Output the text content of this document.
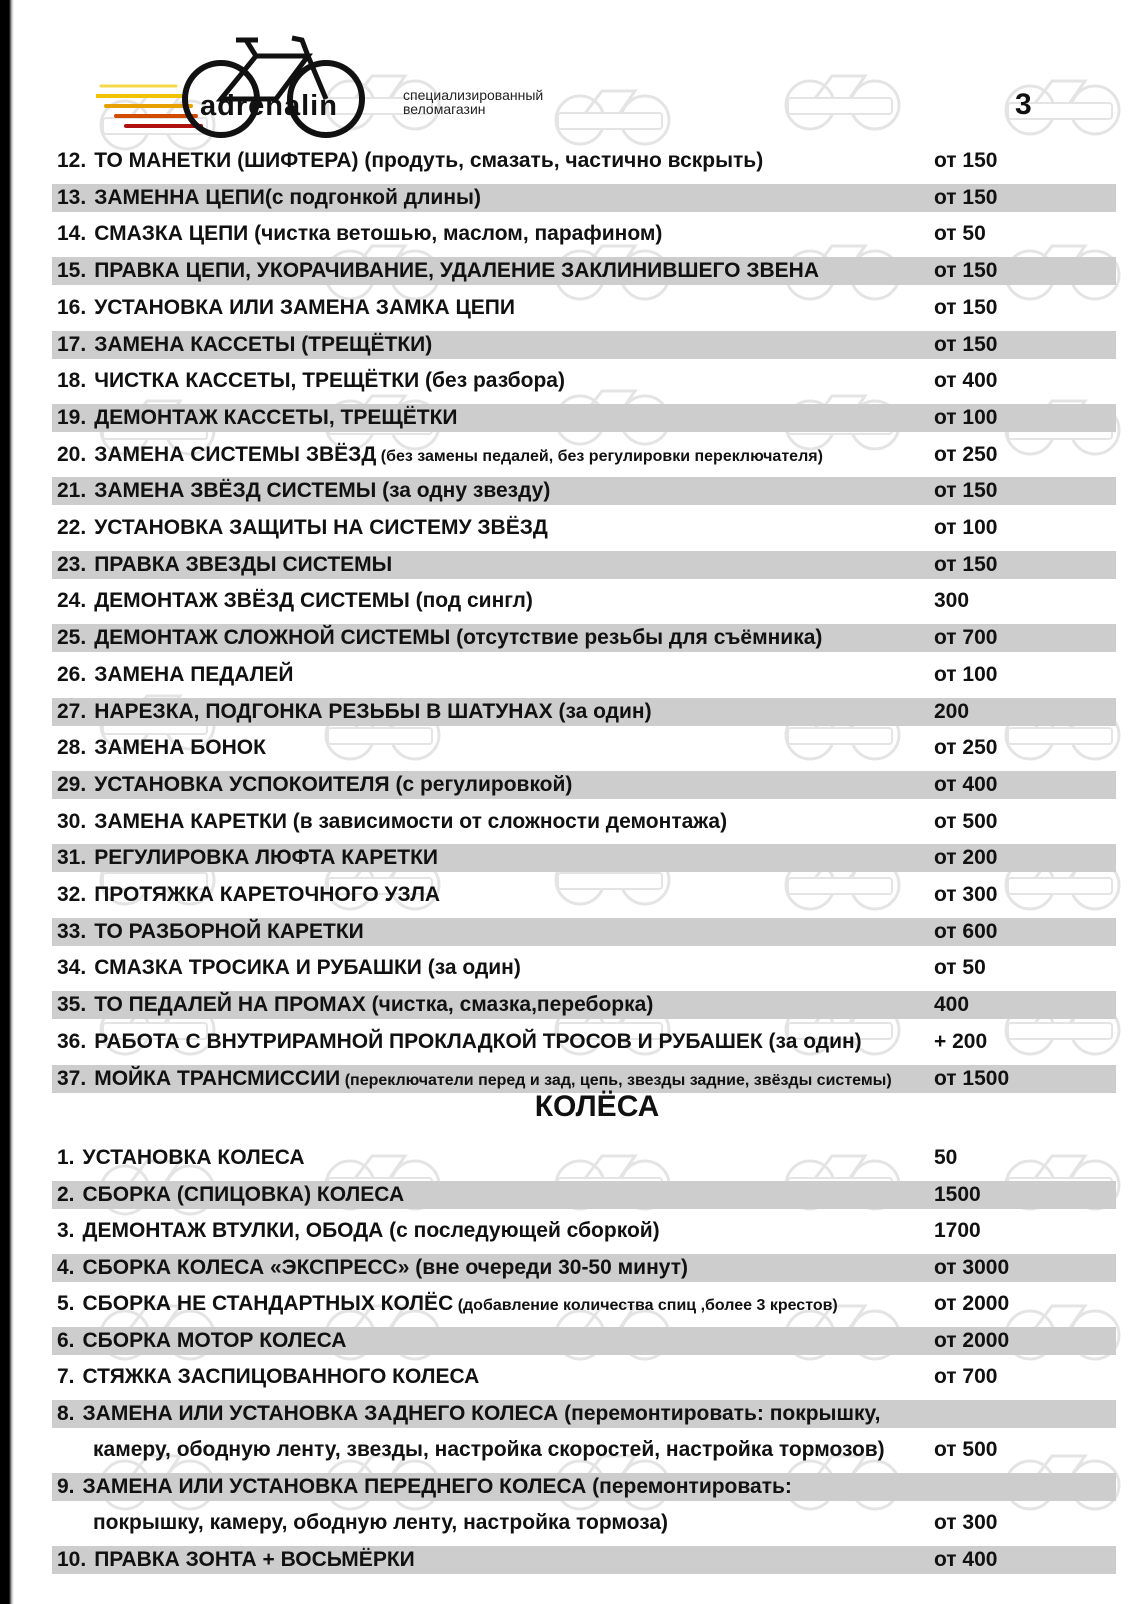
adrenalin	специализированный
веломагазин	3
12. ТО МАНЕТКИ (ШИФТЕРА) (продуть, смазать, частично вскрыть)	от 150
13. ЗАМЕННА ЦЕПИ(с подгонкой длины)	от 150
14. СМАЗКА ЦЕПИ (чистка ветошью, маслом, парафином)	от 50
15. ПРАВКА ЦЕПИ, УКОРАЧИВАНИЕ, УДАЛЕНИЕ ЗАКЛИНИВШЕГО ЗВЕНА	от 150
16. УСТАНОВКА ИЛИ ЗАМЕНА ЗАМКА ЦЕПИ	от 150
17. ЗАМЕНА КАССЕТЫ (ТРЕЩЁТКИ)	от 150
18. ЧИСТКА КАССЕТЫ, ТРЕЩЁТКИ (без разбора)	от 400
19. ДЕМОНТАЖ КАССЕТЫ, ТРЕЩЁТКИ	от 100
20. ЗАМЕНА СИСТЕМЫ ЗВЁЗД (без замены педалей, без регулировки переключателя)	от 250
21. ЗАМЕНА ЗВЁЗД СИСТЕМЫ (за одну звезду)	от 150
22. УСТАНОВКА ЗАЩИТЫ НА СИСТЕМУ ЗВЁЗД	от 100
23. ПРАВКА ЗВЕЗДЫ СИСТЕМЫ	от 150
24. ДЕМОНТАЖ ЗВЁЗД СИСТЕМЫ (под сингл)	300
25. ДЕМОНТАЖ СЛОЖНОЙ СИСТЕМЫ (отсутствие резьбы для съёмника)	от 700
26. ЗАМЕНА ПЕДАЛЕЙ	от 100
27. НАРЕЗКА, ПОДГОНКА РЕЗЬБЫ В ШАТУНАХ (за один)	200
28. ЗАМЕНА БОНОК	от 250
29. УСТАНОВКА УСПОКОИТЕЛЯ (с регулировкой)	от 400
30. ЗАМЕНА КАРЕТКИ (в зависимости от сложности демонтажа)	от 500
31. РЕГУЛИРОВКА ЛЮФТА КАРЕТКИ	от 200
32. ПРОТЯЖКА КАРЕТОЧНОГО УЗЛА	от 300
33. ТО РАЗБОРНОЙ КАРЕТКИ	от 600
34. СМАЗКА ТРОСИКА И РУБАШКИ (за один)	от 50
35. ТО ПЕДАЛЕЙ НА ПРОМАХ (чистка, смазка,переборка)	400
36. РАБОТА С ВНУТРИРАМНОЙ ПРОКЛАДКОЙ ТРОСОВ И РУБАШЕК (за один)	+ 200
37. МОЙКА ТРАНСМИССИИ (переключатели перед и зад, цепь, звезды задние, звёзды системы) от 1500
КОЛЁСА
1. УСТАНОВКА КОЛЕСА	50
2. СБОРКА (СПИЦОВКА) КОЛЕСА	1500
3. ДЕМОНТАЖ ВТУЛКИ, ОБОДА (с последующей сборкой)	1700
4. СБОРКА КОЛЕСА «ЭКСПРЕСС» (вне очереди 30-50 минут)	от 3000
5. СБОРКА НЕ СТАНДАРТНЫХ КОЛЁС (добавление количества спиц ,более 3 крестов)	от 2000
6. СБОРКА МОТОР КОЛЕСА	от 2000
7. СТЯЖКА ЗАСПИЦОВАННОГО КОЛЕСА	от 700
8. ЗАМЕНА ИЛИ УСТАНОВКА ЗАДНЕГО КОЛЕСА (перемонтировать: покрышку,
камеру, ободную ленту, звезды, настройка скоростей, настройка тормозов) от 500
9. ЗАМЕНА ИЛИ УСТАНОВКА ПЕРЕДНЕГО КОЛЕСА (перемонтировать:
покрышку, камеру, ободную ленту, настройка тормоза)	от 300
10. ПРАВКА ЗОНТА + ВОСЬМЁРКИ	от 400
